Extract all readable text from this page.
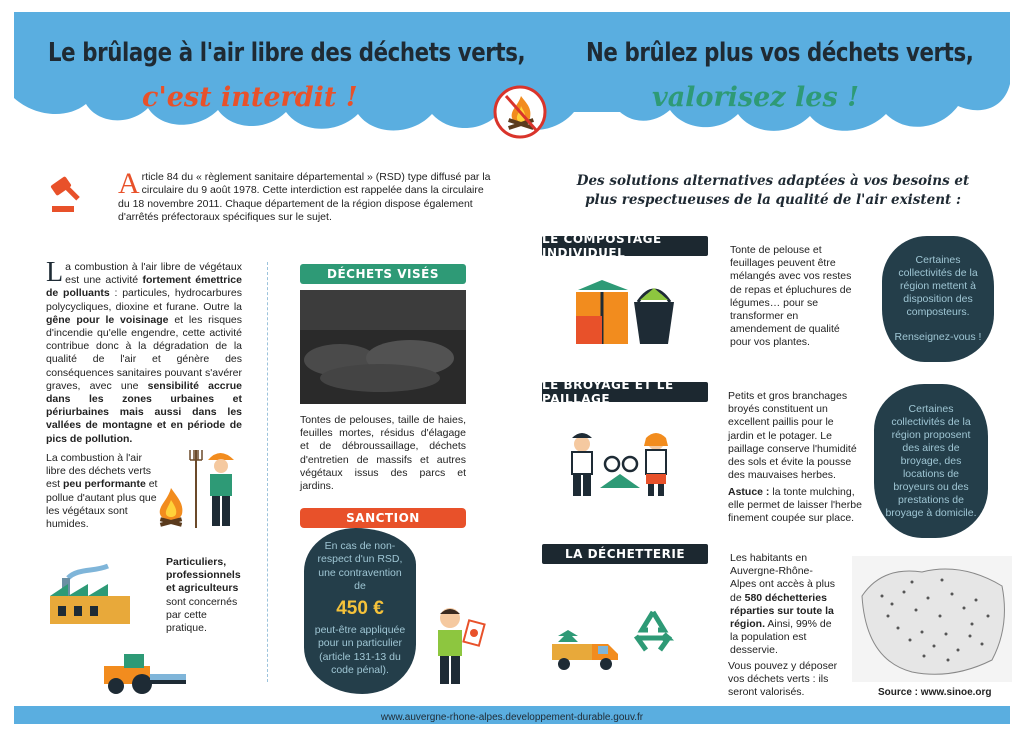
Le brûlage à l'air libre des déchets verts,
c'est interdit !
Ne brûlez plus vos déchets verts,
valorisez les !
Article 84 du « règlement sanitaire départemental » (RSD) type diffusé par la circulaire du 9 août 1978. Cette interdiction est rappelée dans la circulaire du 18 novembre 2011. Chaque département de la région dispose également d'arrêtés préfectoraux spécifiques sur le sujet.
La combustion à l'air libre de végétaux est une activité fortement émettrice de polluants : particules, hydrocarbures polycycliques, dioxine et furane. Outre la gêne pour le voisinage et les risques d'incendie qu'elle engendre, cette activité contribue donc à la dégradation de la qualité de l'air et génère des conséquences sanitaires pouvant s'avérer graves, avec une sensibilité accrue dans les zones urbaines et périurbaines mais aussi dans les vallées de montagne et en période de pics de pollution.
La combustion à l'air libre des déchets verts est peu performante et pollue d'autant plus que les végétaux sont humides.
Particuliers, professionnels et agriculteurs sont concernés par cette pratique.
DÉCHETS VISÉS
Tontes de pelouses, taille de haies, feuilles mortes, résidus d'élagage et de débroussaillage, déchets d'entretien de massifs et autres végétaux issus des parcs et jardins.
SANCTION
En cas de non-respect d'un RSD, une contravention de
450 €
peut-être appliquée pour un particulier (article 131-13 du code pénal).
Des solutions alternatives adaptées à vos besoins et
plus respectueuses de la qualité de l'air existent :
LE COMPOSTAGE INDIVIDUEL	Tonte de pelouse et feuillages peuvent être mélangés avec vos restes de repas et épluchures de légumes… pour se transformer en amendement de qualité pour vos plantes.
Certaines collectivités de la région mettent à disposition des composteurs.
Renseignez-vous !
LE BROYAGE ET LE PAILLAGE	Petits et gros branchages broyés constituent un excellent paillis pour le jardin et le potager. Le paillage conserve l'humidité des sols et évite la pousse des mauvaises herbes.
Astuce : la tonte mulching, elle permet de laisser l'herbe finement coupée sur place.
Certaines collectivités de la région proposent des aires de broyage, des locations de broyeurs ou des prestations de broyage à domicile.
LA DÉCHETTERIE	Les habitants en Auvergne-Rhône-Alpes ont accès à plus de 580 déchetteries réparties sur toute la région. Ainsi, 99% de la population est desservie.
Vous pouvez y déposer vos déchets verts : ils seront valorisés.	Source : www.sinoe.org
www.auvergne-rhone-alpes.developpement-durable.gouv.fr
